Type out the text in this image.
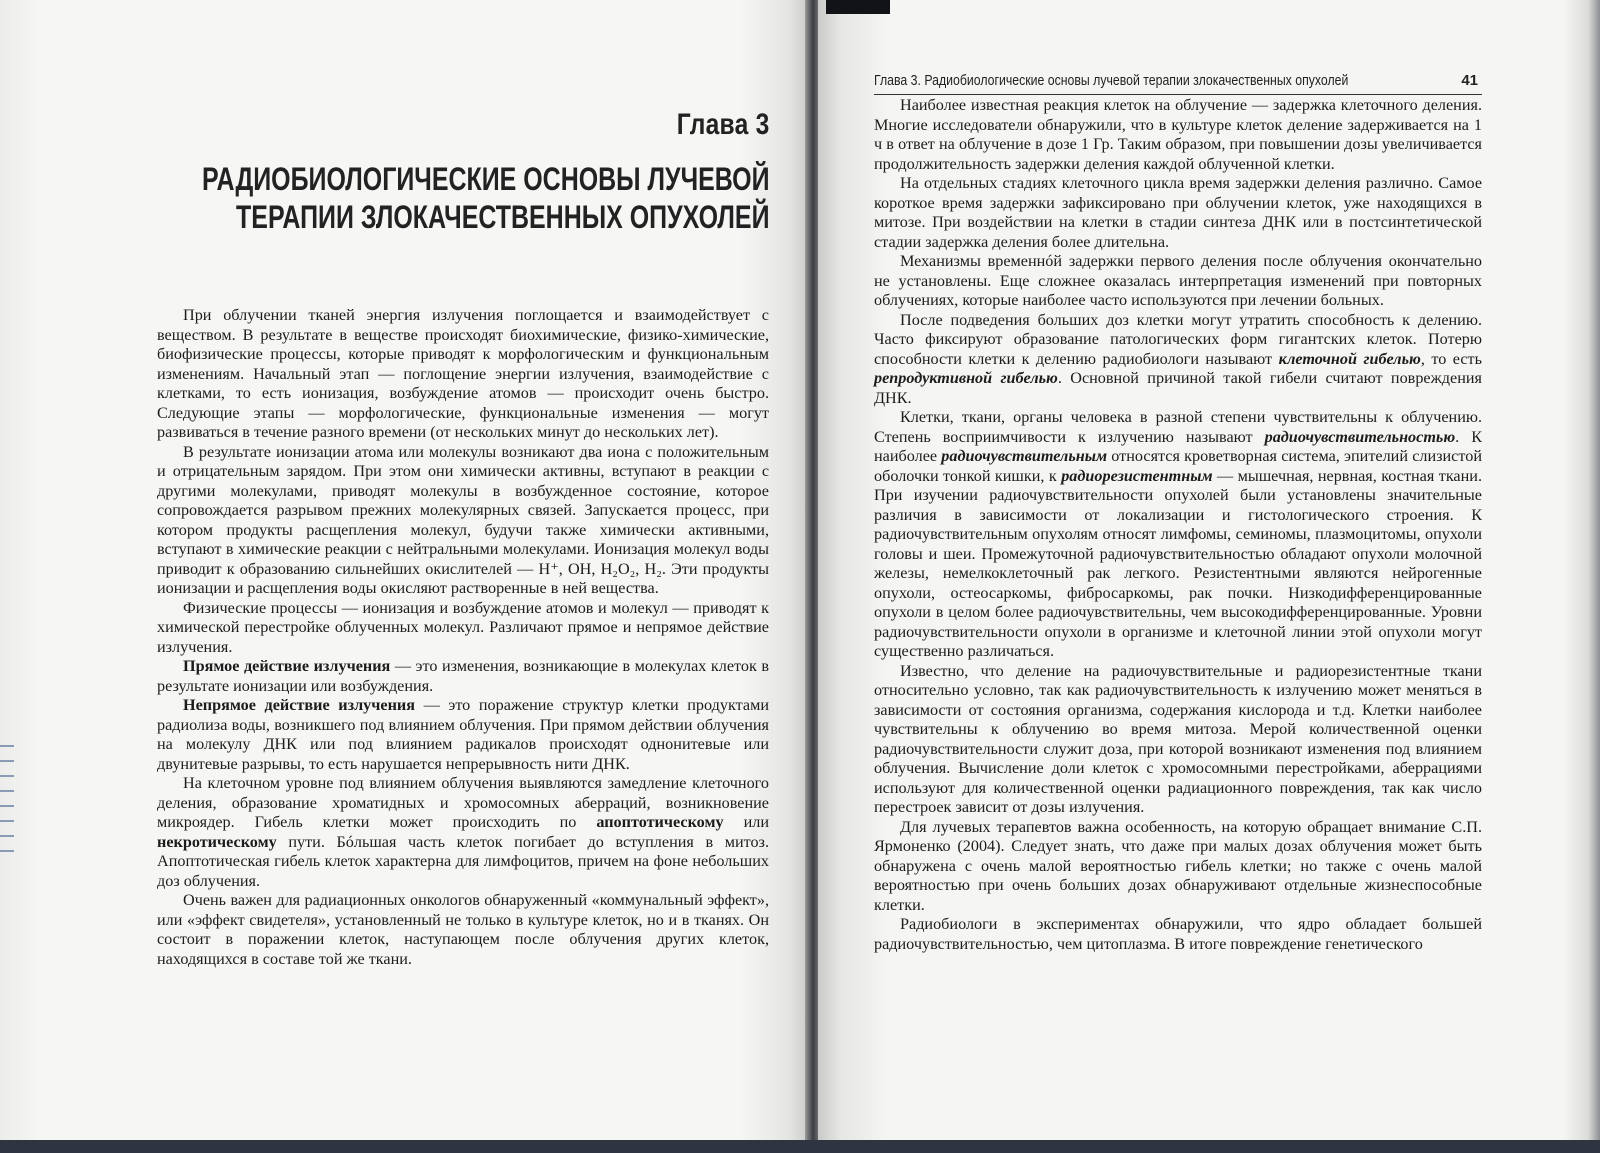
Глава 3
РАДИОБИОЛОГИЧЕСКИЕ ОСНОВЫ ЛУЧЕВОЙ
ТЕРАПИИ ЗЛОКАЧЕСТВЕННЫХ ОПУХОЛЕЙ

При облучении тканей энергия излучения поглощается и взаимодействует с веществом. В результате в веществе происходят биохимические, физико-химические, биофизические процессы, которые приводят к морфологическим и функциональным изменениям. Начальный этап — поглощение энергии излучения, взаимодействие с клетками, то есть ионизация, возбуждение атомов — происходит очень быстро. Следующие этапы — морфологические, функциональные изменения — могут развиваться в течение разного времени (от нескольких минут до нескольких лет).

В результате ионизации атома или молекулы возникают два иона с положительным и отрицательным зарядом. При этом они химически активны, вступают в реакции с другими молекулами, приводят молекулы в возбужденное состояние, которое сопровождается разрывом прежних молекулярных связей. Запускается процесс, при котором продукты расщепления молекул, будучи также химически активными, вступают в химические реакции с нейтральными молекулами. Ионизация молекул воды приводит к образованию сильнейших окислителей — H⁺, OH, H₂O₂, H₂. Эти продукты ионизации и расщепления воды окисляют растворенные в ней вещества.

Физические процессы — ионизация и возбуждение атомов и молекул — приводят к химической перестройке облученных молекул. Различают прямое и непрямое действие излучения.

Прямое действие излучения — это изменения, возникающие в молекулах клеток в результате ионизации или возбуждения.

Непрямое действие излучения — это поражение структур клетки продуктами радиолиза воды, возникшего под влиянием облучения. При прямом действии облучения на молекулу ДНК или под влиянием радикалов происходят однонитевые или двунитевые разрывы, то есть нарушается непрерывность нити ДНК.

На клеточном уровне под влиянием облучения выявляются замедление клеточного деления, образование хроматидных и хромосомных аберраций, возникновение микроядер. Гибель клетки может происходить по апоптотическому или некротическому пути. Бóльшая часть клеток погибает до вступления в митоз. Апоптотическая гибель клеток характерна для лимфоцитов, причем на фоне небольших доз облучения.

Очень важен для радиационных онкологов обнаруженный «коммунальный эффект», или «эффект свидетеля», установленный не только в культуре клеток, но и в тканях. Он состоит в поражении клеток, наступающем после облучения других клеток, находящихся в составе той же ткани.

Глава 3. Радиобиологические основы лучевой терапии злокачественных опухолей	41

Наиболее известная реакция клеток на облучение — задержка клеточного деления. Многие исследователи обнаружили, что в культуре клеток деление задерживается на 1 ч в ответ на облучение в дозе 1 Гр. Таким образом, при повышении дозы увеличивается продолжительность задержки деления каждой облученной клетки.

На отдельных стадиях клеточного цикла время задержки деления различно. Самое короткое время задержки зафиксировано при облучении клеток, уже находящихся в митозе. При воздействии на клетки в стадии синтеза ДНК или в постсинтетической стадии задержка деления более длительна.

Механизмы временнóй задержки первого деления после облучения окончательно не установлены. Еще сложнее оказалась интерпретация изменений при повторных облучениях, которые наиболее часто используются при лечении больных.

После подведения больших доз клетки могут утратить способность к делению. Часто фиксируют образование патологических форм гигантских клеток. Потерю способности клетки к делению радиобиологи называют клеточной гибелью, то есть репродуктивной гибелью. Основной причиной такой гибели считают повреждения ДНК.

Клетки, ткани, органы человека в разной степени чувствительны к облучению. Степень восприимчивости к излучению называют радиочувствительностью. К наиболее радиочувствительным относятся кроветворная система, эпителий слизистой оболочки тонкой кишки, к радиорезистентным — мышечная, нервная, костная ткани. При изучении радиочувствительности опухолей были установлены значительные различия в зависимости от локализации и гистологического строения. К радиочувствительным опухолям относят лимфомы, семиномы, плазмоцитомы, опухоли головы и шеи. Промежуточной радиочувствительностью обладают опухоли молочной железы, немелкоклеточный рак легкого. Резистентными являются нейрогенные опухоли, остеосаркомы, фибросаркомы, рак почки. Низкодифференцированные опухоли в целом более радиочувствительны, чем высокодифференцированные. Уровни радиочувствительности опухоли в организме и клеточной линии этой опухоли могут существенно различаться.

Известно, что деление на радиочувствительные и радиорезистентные ткани относительно условно, так как радиочувствительность к излучению может меняться в зависимости от состояния организма, содержания кислорода и т.д. Клетки наиболее чувствительны к облучению во время митоза. Мерой количественной оценки радиочувствительности служит доза, при которой возникают изменения под влиянием облучения. Вычисление доли клеток с хромосомными перестройками, аберрациями используют для количественной оценки радиационного повреждения, так как число перестроек зависит от дозы излучения.

Для лучевых терапевтов важна особенность, на которую обращает внимание С.П. Ярмоненко (2004). Следует знать, что даже при малых дозах облучения может быть обнаружена с очень малой вероятностью гибель клетки; но также с очень малой вероятностью при очень больших дозах обнаруживают отдельные жизнеспособные клетки.

Радиобиологи в экспериментах обнаружили, что ядро обладает большей радиочувствительностью, чем цитоплазма. В итоге повреждение генетического
